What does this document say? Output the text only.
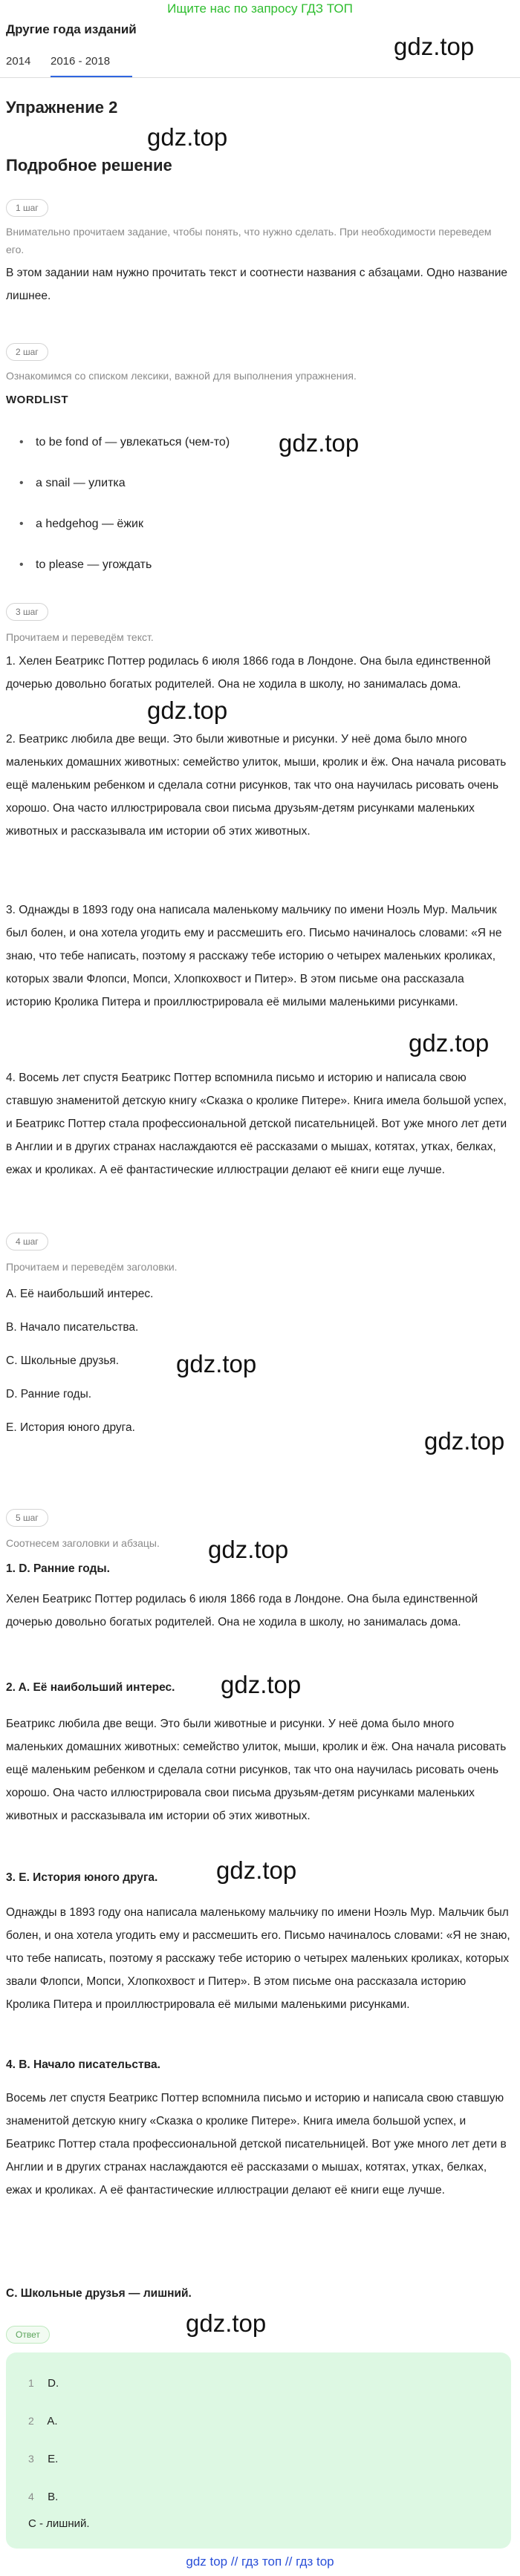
Ищите нас по запросу ГДЗ ТОП
Другие года изданий
2014 2016 - 2018
gdz.top
gdz.top
gdz.top
gdz.top
gdz.top
gdz.top
gdz.top
gdz.top
gdz.top
gdz.top
gdz.top
Упражнение 2
Подробное решение
1 шаг
Внимательно прочитаем задание, чтобы понять, что нужно сделать. При необходимости переведем его.
В этом задании нам нужно прочитать текст и соотнести названия с абзацами. Одно название лишнее.
2 шаг
Ознакомимся со списком лексики, важной для выполнения упражнения.
WORDLIST
• to be fond of — увлекаться (чем-то)
• a snail — улитка
• a hedgehog — ёжик
• to please — угождать
3 шаг
Прочитаем и переведём текст.
1. Хелен Беатрикс Поттер родилась 6 июля 1866 года в Лондоне. Она была единственной дочерью довольно богатых родителей. Она не ходила в школу, но занималась дома.
2. Беатрикс любила две вещи. Это были животные и рисунки. У неё дома было много маленьких домашних животных: семейство улиток, мыши, кролик и ёж. Она начала рисовать ещё маленьким ребенком и сделала сотни рисунков, так что она научилась рисовать очень хорошо. Она часто иллюстрировала свои письма друзьям-детям рисунками маленьких животных и рассказывала им истории об этих животных.
3. Однажды в 1893 году она написала маленькому мальчику по имени Ноэль Мур. Мальчик был болен, и она хотела угодить ему и рассмешить его. Письмо начиналось словами: «Я не знаю, что тебе написать, поэтому я расскажу тебе историю о четырех маленьких кроликах, которых звали Флопси, Мопси, Хлопкохвост и Питер». В этом письме она рассказала историю Кролика Питера и проиллюстрировала её милыми маленькими рисунками.
4. Восемь лет спустя Беатрикс Поттер вспомнила письмо и историю и написала свою ставшую знаменитой детскую книгу «Сказка о кролике Питере». Книга имела большой успех, и Беатрикс Поттер стала профессиональной детской писательницей. Вот уже много лет дети в Англии и в других странах наслаждаются её рассказами о мышах, котятах, утках, белках, ежах и кроликах. А её фантастические иллюстрации делают её книги еще лучше.
4 шаг
Прочитаем и переведём заголовки.
A. Её наибольший интерес.
B. Начало писательства.
C. Школьные друзья.
D. Ранние годы.
E. История юного друга.
5 шаг
Соотнесем заголовки и абзацы.
1. D. Ранние годы.
Хелен Беатрикс Поттер родилась 6 июля 1866 года в Лондоне. Она была единственной дочерью довольно богатых родителей. Она не ходила в школу, но занималась дома.
2. A. Её наибольший интерес.
Беатрикс любила две вещи. Это были животные и рисунки. У неё дома было много маленьких домашних животных: семейство улиток, мыши, кролик и ёж. Она начала рисовать ещё маленьким ребенком и сделала сотни рисунков, так что она научилась рисовать очень хорошо. Она часто иллюстрировала свои письма друзьям-детям рисунками маленьких животных и рассказывала им истории об этих животных.
3. E. История юного друга.
Однажды в 1893 году она написала маленькому мальчику по имени Ноэль Мур. Мальчик был болен, и она хотела угодить ему и рассмешить его. Письмо начиналось словами: «Я не знаю, что тебе написать, поэтому я расскажу тебе историю о четырех маленьких кроликах, которых звали Флопси, Мопси, Хлопкохвост и Питер». В этом письме она рассказала историю Кролика Питера и проиллюстрировала её милыми маленькими рисунками.
4. B. Начало писательства.
Восемь лет спустя Беатрикс Поттер вспомнила письмо и историю и написала свою ставшую знаменитой детскую книгу «Сказка о кролике Питере». Книга имела большой успех, и Беатрикс Поттер стала профессиональной детской писательницей. Вот уже много лет дети в Англии и в других странах наслаждаются её рассказами о мышах, котятах, утках, белках, ежах и кроликах. А её фантастические иллюстрации делают её книги еще лучше.
C. Школьные друзья — лишний.
Ответ
1 D.
2 A.
3 E.
4 B.
C - лишний.
gdz top // гдз топ // гдз top
